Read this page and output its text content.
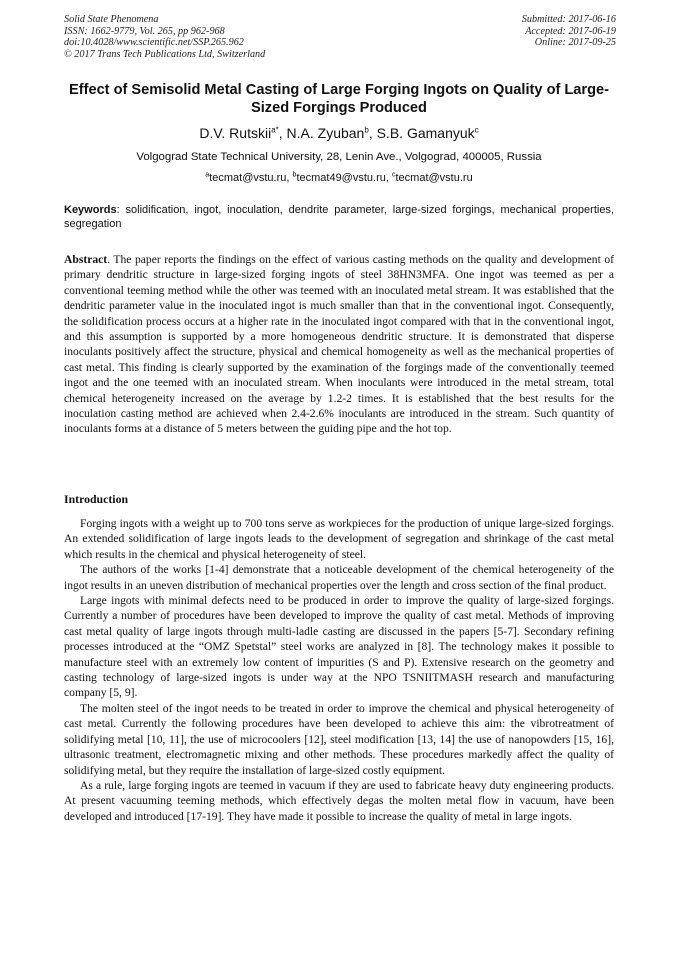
Solid State Phenomena
ISSN: 1662-9779, Vol. 265, pp 962-968
doi:10.4028/www.scientific.net/SSP.265.962
© 2017 Trans Tech Publications Ltd, Switzerland
Submitted: 2017-06-16
Accepted: 2017-06-19
Online: 2017-09-25
Effect of Semisolid Metal Casting of Large Forging Ingots on Quality of Large-Sized Forgings Produced
D.V. Rutskii$^{a*}$, N.A. Zyuban$^b$, S.B. Gamanyuk$^c$
Volgograd State Technical University, 28, Lenin Ave., Volgograd, 400005, Russia
$^a$tecmat@vstu.ru, $^b$tecmat49@vstu.ru, $^c$tecmat@vstu.ru
Keywords: solidification, ingot, inoculation, dendrite parameter, large-sized forgings, mechanical properties, segregation
Abstract. The paper reports the findings on the effect of various casting methods on the quality and development of primary dendritic structure in large-sized forging ingots of steel 38HN3MFA. One ingot was teemed as per a conventional teeming method while the other was teemed with an inoculated metal stream. It was established that the dendritic parameter value in the inoculated ingot is much smaller than that in the conventional ingot. Consequently, the solidification process occurs at a higher rate in the inoculated ingot compared with that in the conventional ingot, and this assumption is supported by a more homogeneous dendritic structure. It is demonstrated that disperse inoculants positively affect the structure, physical and chemical homogeneity as well as the mechanical properties of cast metal. This finding is clearly supported by the examination of the forgings made of the conventionally teemed ingot and the one teemed with an inoculated stream. When inoculants were introduced in the metal stream, total chemical heterogeneity increased on the average by 1.2-2 times. It is established that the best results for the inoculation casting method are achieved when 2.4-2.6% inoculants are introduced in the stream. Such quantity of inoculants forms at a distance of 5 meters between the guiding pipe and the hot top.
Introduction

Forging ingots with a weight up to 700 tons serve as workpieces for the production of unique large-sized forgings. An extended solidification of large ingots leads to the development of segregation and shrinkage of the cast metal which results in the chemical and physical heterogeneity of steel.

The authors of the works [1-4] demonstrate that a noticeable development of the chemical heterogeneity of the ingot results in an uneven distribution of mechanical properties over the length and cross section of the final product.

Large ingots with minimal defects need to be produced in order to improve the quality of large-sized forgings. Currently a number of procedures have been developed to improve the quality of cast metal. Methods of improving cast metal quality of large ingots through multi-ladle casting are discussed in the papers [5-7]. Secondary refining processes introduced at the “OMZ Spetstal” steel works are analyzed in [8]. The technology makes it possible to manufacture steel with an extremely low content of impurities (S and P). Extensive research on the geometry and casting technology of large-sized ingots is under way at the NPO TSNIITMASH research and manufacturing company [5, 9].

The molten steel of the ingot needs to be treated in order to improve the chemical and physical heterogeneity of cast metal. Currently the following procedures have been developed to achieve this aim: the vibrotreatment of solidifying metal [10, 11], the use of microcoolers [12], steel modification [13, 14] the use of nanopowders [15, 16], ultrasonic treatment, electromagnetic mixing and other methods. These procedures markedly affect the quality of solidifying metal, but they require the installation of large-sized costly equipment.

As a rule, large forging ingots are teemed in vacuum if they are used to fabricate heavy duty engineering products. At present vacuuming teeming methods, which effectively degas the molten metal flow in vacuum, have been developed and introduced [17-19]. They have made it possible to increase the quality of metal in large ingots.
